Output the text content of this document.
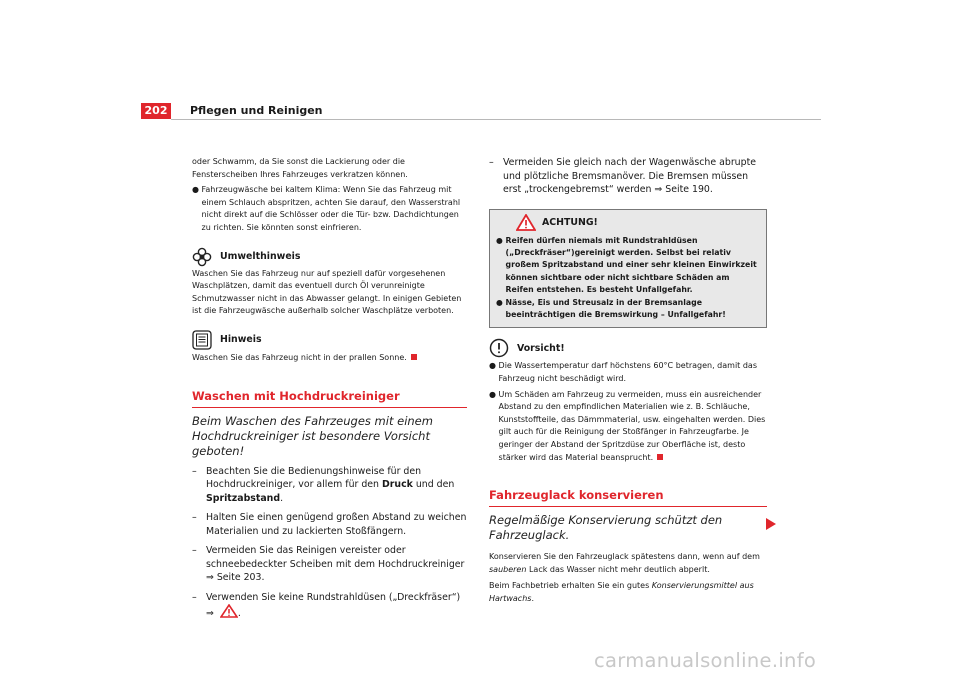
202	Pflegen und Reinigen

oder Schwamm, da Sie sonst die Lackierung oder die Fensterscheiben Ihres Fahrzeuges verkratzen können.

● Fahrzeugwäsche bei kaltem Klima: Wenn Sie das Fahrzeug mit einem Schlauch abspritzen, achten Sie darauf, den Wasserstrahl nicht direkt auf die Schlösser oder die Tür- bzw. Dachdichtungen zu richten. Sie könnten sonst einfrieren.
Umwelthinweis

Waschen Sie das Fahrzeug nur auf speziell dafür vorgesehenen Waschplätzen, damit das eventuell durch Öl verunreinigte Schmutzwasser nicht in das Abwasser gelangt. In einigen Gebieten ist die Fahrzeugwäsche außerhalb solcher Waschplätze verboten.

Hinweis

Waschen Sie das Fahrzeug nicht in der prallen Sonne.

Waschen mit Hochdruckreiniger

Beim Waschen des Fahrzeuges mit einem Hochdruckreiniger ist besondere Vorsicht geboten!

– Beachten Sie die Bedienungshinweise für den Hochdruckreiniger, vor allem für den Druck und den Spritzabstand.
– Halten Sie einen genügend großen Abstand zu weichen Materialien und zu lackierten Stoßfängern.
– Vermeiden Sie das Reinigen vereister oder schneebedeckter Scheiben mit dem Hochdruckreiniger ⇒ Seite 203.
– Verwenden Sie keine Rundstrahldüsen („Dreckfräser“) ⇒	.
– Vermeiden Sie gleich nach der Wagenwäsche abrupte und plötzliche Bremsmanöver. Die Bremsen müssen erst „trockengebremst“ werden ⇒ Seite 190.
ACHTUNG!
● Reifen dürfen niemals mit Rundstrahldüsen („Dreckfräser“)gereinigt werden. Selbst bei relativ großem Spritzabstand und einer sehr kleinen Einwirkzeit können sichtbare oder nicht sichtbare Schäden am Reifen entstehen. Es besteht Unfallgefahr.
● Nässe, Eis und Streusalz in der Bremsanlage beeinträchtigen die Bremswirkung – Unfallgefahr!
Vorsicht!
● Die Wassertemperatur darf höchstens 60°C betragen, damit das Fahrzeug nicht beschädigt wird.
● Um Schäden am Fahrzeug zu vermeiden, muss ein ausreichender Abstand zu den empfindlichen Materialien wie z. B. Schläuche, Kunststoffteile, das Dämmmaterial, usw. eingehalten werden. Dies gilt auch für die Reinigung der Stoßfänger in Fahrzeugfarbe. Je geringer der Abstand der Spritzdüse zur Oberfläche ist, desto stärker wird das Material beansprucht.

Fahrzeuglack konservieren

Regelmäßige Konservierung schützt den Fahrzeuglack.

Konservieren Sie den Fahrzeuglack spätestens dann, wenn auf dem sauberen Lack das Wasser nicht mehr deutlich abperlt.

Beim Fachbetrieb erhalten Sie ein gutes Konservierungsmittel aus Hartwachs.

carmanualsonline.info
